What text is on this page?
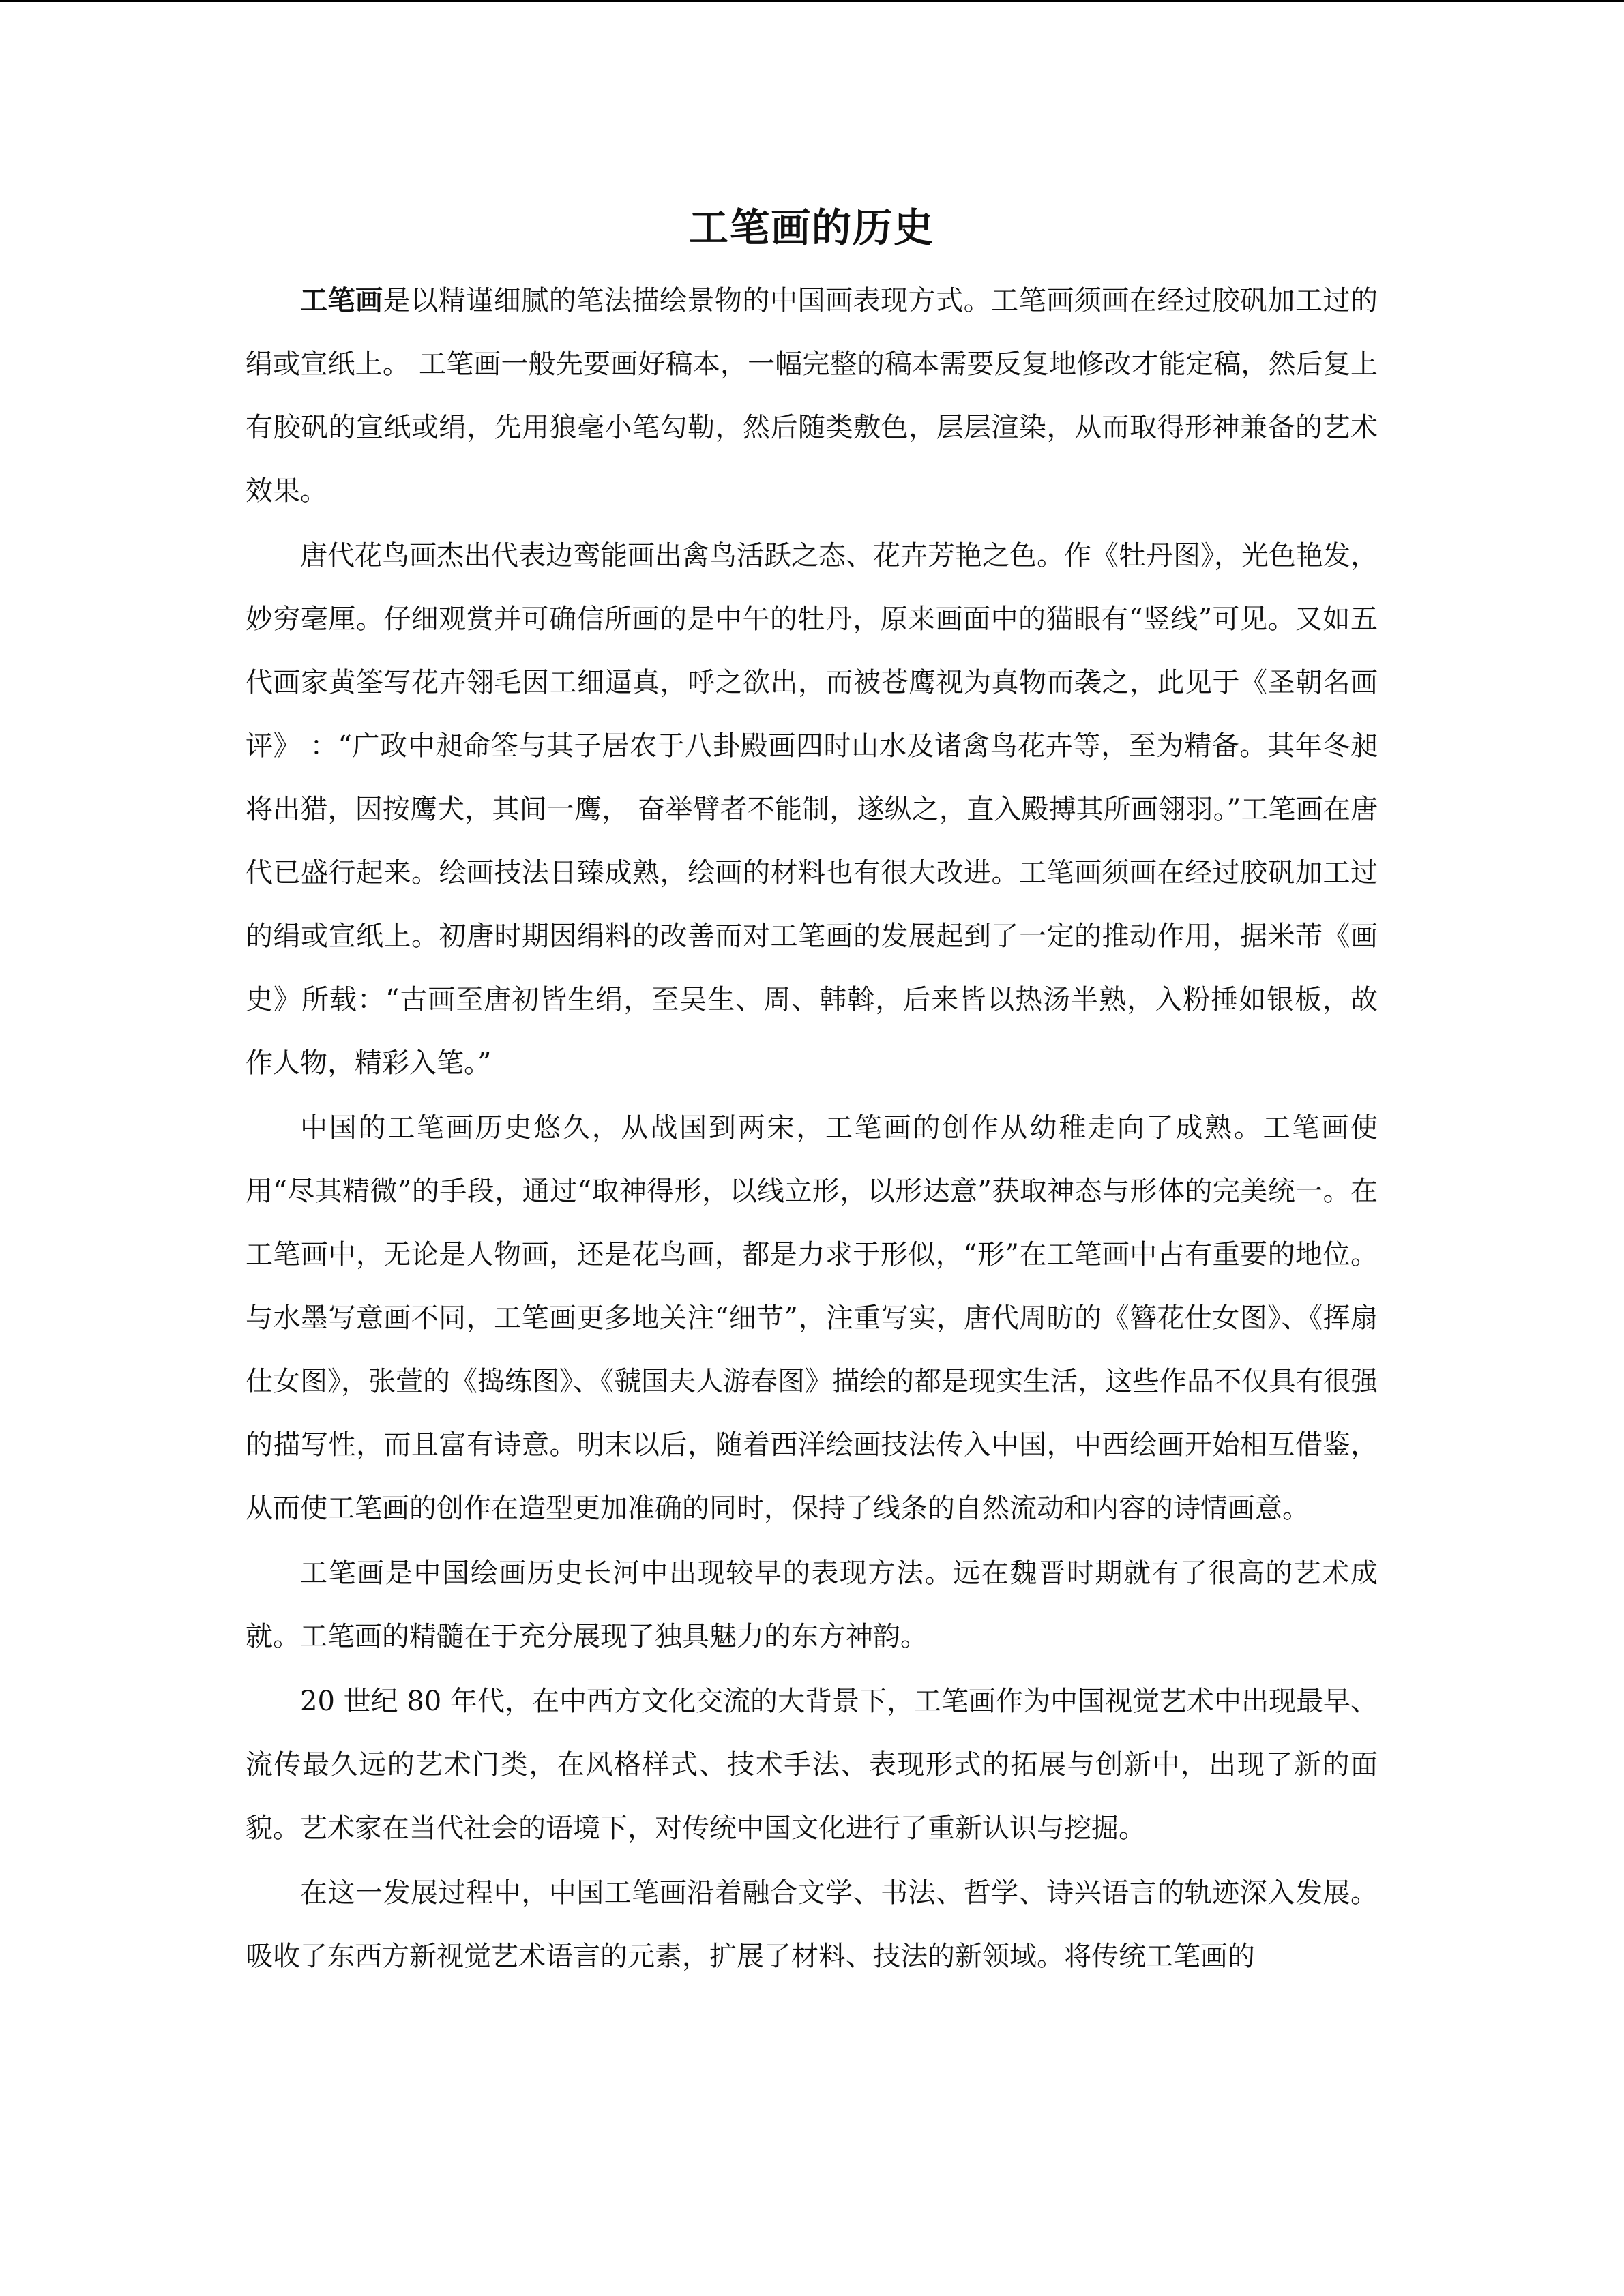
工笔画的历史

工笔画是以精谨细腻的笔法描绘景物的中国画表现方式。工笔画须画在经过胶矾加工过的绢或宣纸上。 工笔画一般先要画好稿本，一幅完整的稿本需要反复地修改才能定稿，然后复上有胶矾的宣纸或绢，先用狼毫小笔勾勒，然后随类敷色，层层渲染，从而取得形神兼备的艺术效果。

唐代花鸟画杰出代表边鸾能画出禽鸟活跃之态、花卉芳艳之色。作《牡丹图》，光色艳发，妙穷毫厘。仔细观赏并可确信所画的是中午的牡丹，原来画面中的猫眼有“竖线”可见。又如五代画家黄筌写花卉翎毛因工细逼真，呼之欲出，而被苍鹰视为真物而袭之，此见于《圣朝名画评》 ：“广政中昶命筌与其子居农于八卦殿画四时山水及诸禽鸟花卉等，至为精备。其年冬昶将出猎，因按鹰犬，其间一鹰， 奋举臂者不能制，遂纵之，直入殿搏其所画翎羽。”工笔画在唐代已盛行起来。绘画技法日臻成熟，绘画的材料也有很大改进。工笔画须画在经过胶矾加工过的绢或宣纸上。初唐时期因绢料的改善而对工笔画的发展起到了一定的推动作用，据米芾《画史》所载：“古画至唐初皆生绢，至吴生、周、韩斡，后来皆以热汤半熟，入粉捶如银板，故作人物，精彩入笔。”

中国的工笔画历史悠久，从战国到两宋，工笔画的创作从幼稚走向了成熟。工笔画使用“尽其精微”的手段，通过“取神得形，以线立形，以形达意”获取神态与形体的完美统一。在工笔画中，无论是人物画，还是花鸟画，都是力求于形似，“形”在工笔画中占有重要的地位。与水墨写意画不同，工笔画更多地关注“细节”，注重写实，唐代周昉的《簪花仕女图》、《挥扇仕女图》，张萱的《捣练图》、《虢国夫人游春图》描绘的都是现实生活，这些作品不仅具有很强的描写性，而且富有诗意。明末以后，随着西洋绘画技法传入中国，中西绘画开始相互借鉴，从而使工笔画的创作在造型更加准确的同时，保持了线条的自然流动和内容的诗情画意。

工笔画是中国绘画历史长河中出现较早的表现方法。远在魏晋时期就有了很高的艺术成就。工笔画的精髓在于充分展现了独具魅力的东方神韵。

20 世纪 80 年代，在中西方文化交流的大背景下，工笔画作为中国视觉艺术中出现最早、流传最久远的艺术门类，在风格样式、技术手法、表现形式的拓展与创新中，出现了新的面貌。艺术家在当代社会的语境下，对传统中国文化进行了重新认识与挖掘。

在这一发展过程中，中国工笔画沿着融合文学、书法、哲学、诗兴语言的轨迹深入发展。吸收了东西方新视觉艺术语言的元素，扩展了材料、技法的新领域。将传统工笔画的
